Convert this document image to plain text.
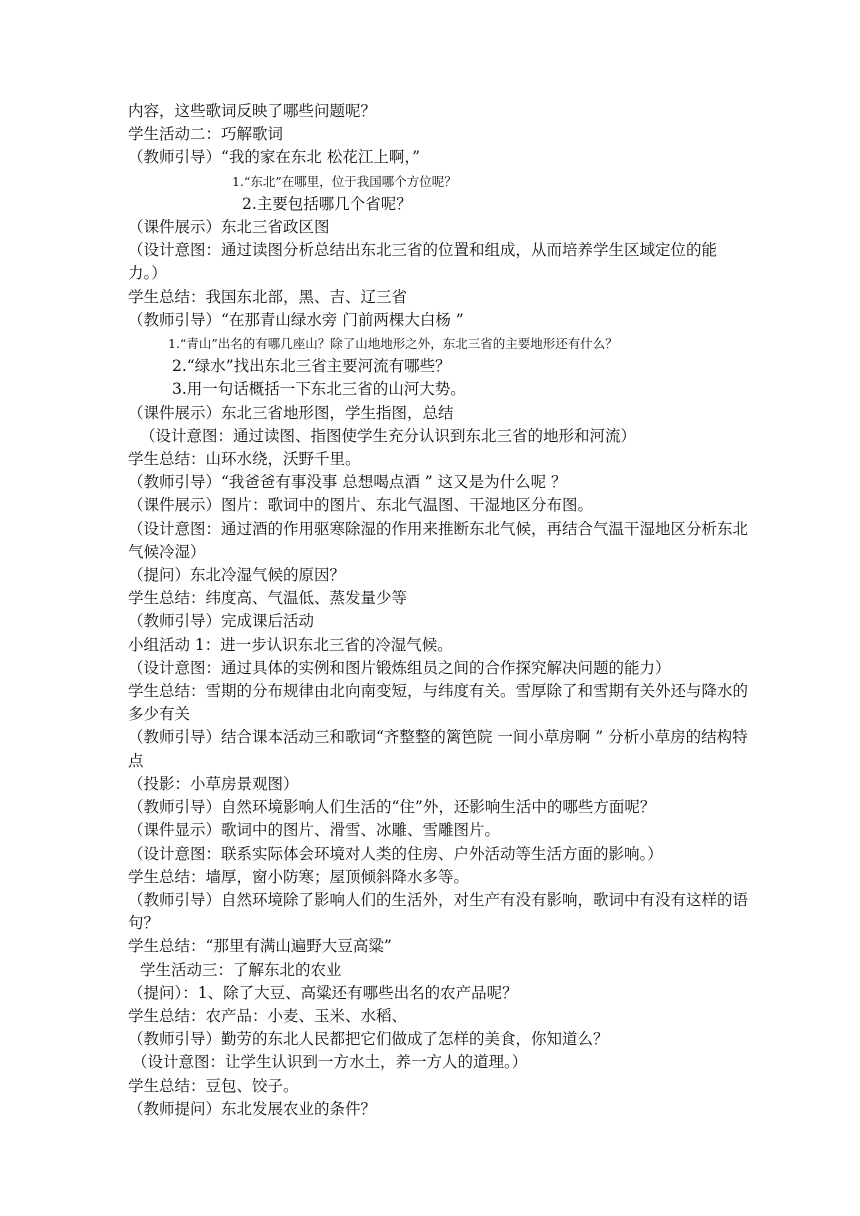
内容，这些歌词反映了哪些问题呢？
学生活动二：巧解歌词
（教师引导）“我的家在东北 松花江上啊，”
1.“东北”在哪里，位于我国哪个方位呢？
2.主要包括哪几个省呢？
（课件展示）东北三省政区图
（设计意图：通过读图分析总结出东北三省的位置和组成，从而培养学生区域定位的能力。）
学生总结：我国东北部，黑、吉、辽三省
（教师引导）“在那青山绿水旁 门前两棵大白杨 ”
1.“青山”出名的有哪几座山？除了山地地形之外，东北三省的主要地形还有什么？
2.“绿水”找出东北三省主要河流有哪些？
3.用一句话概括一下东北三省的山河大势。
（课件展示）东北三省地形图，学生指图，总结
（设计意图：通过读图、指图使学生充分认识到东北三省的地形和河流）
学生总结：山环水绕，沃野千里。
（教师引导）“我爸爸有事没事 总想喝点酒 ” 这又是为什么呢 ？
（课件展示）图片：歌词中的图片、东北气温图、干湿地区分布图。
（设计意图：通过酒的作用驱寒除湿的作用来推断东北气候，再结合气温干湿地区分析东北气候冷湿）
（提问）东北冷湿气候的原因？
学生总结：纬度高、气温低、蒸发量少等
（教师引导）完成课后活动
小组活动 1：进一步认识东北三省的冷湿气候。
（设计意图：通过具体的实例和图片锻炼组员之间的合作探究解决问题的能力）
学生总结：雪期的分布规律由北向南变短，与纬度有关。雪厚除了和雪期有关外还与降水的多少有关
（教师引导）结合课本活动三和歌词“齐整整的篱笆院 一间小草房啊 ” 分析小草房的结构特点
（投影：小草房景观图）
（教师引导）自然环境影响人们生活的“住”外，还影响生活中的哪些方面呢？
（课件显示）歌词中的图片、滑雪、冰雕、雪雕图片。
（设计意图：联系实际体会环境对人类的住房、户外活动等生活方面的影响。）
学生总结：墙厚，窗小防寒；屋顶倾斜降水多等。
（教师引导）自然环境除了影响人们的生活外，对生产有没有影响，歌词中有没有这样的语句？
学生总结：“那里有满山遍野大豆高粱”
学生活动三：了解东北的农业
（提问）：1、除了大豆、高粱还有哪些出名的农产品呢？
学生总结：农产品：小麦、玉米、水稻、
（教师引导）勤劳的东北人民都把它们做成了怎样的美食，你知道么？
（设计意图：让学生认识到一方水土，养一方人的道理。）
学生总结：豆包、饺子。
（教师提问）东北发展农业的条件？
